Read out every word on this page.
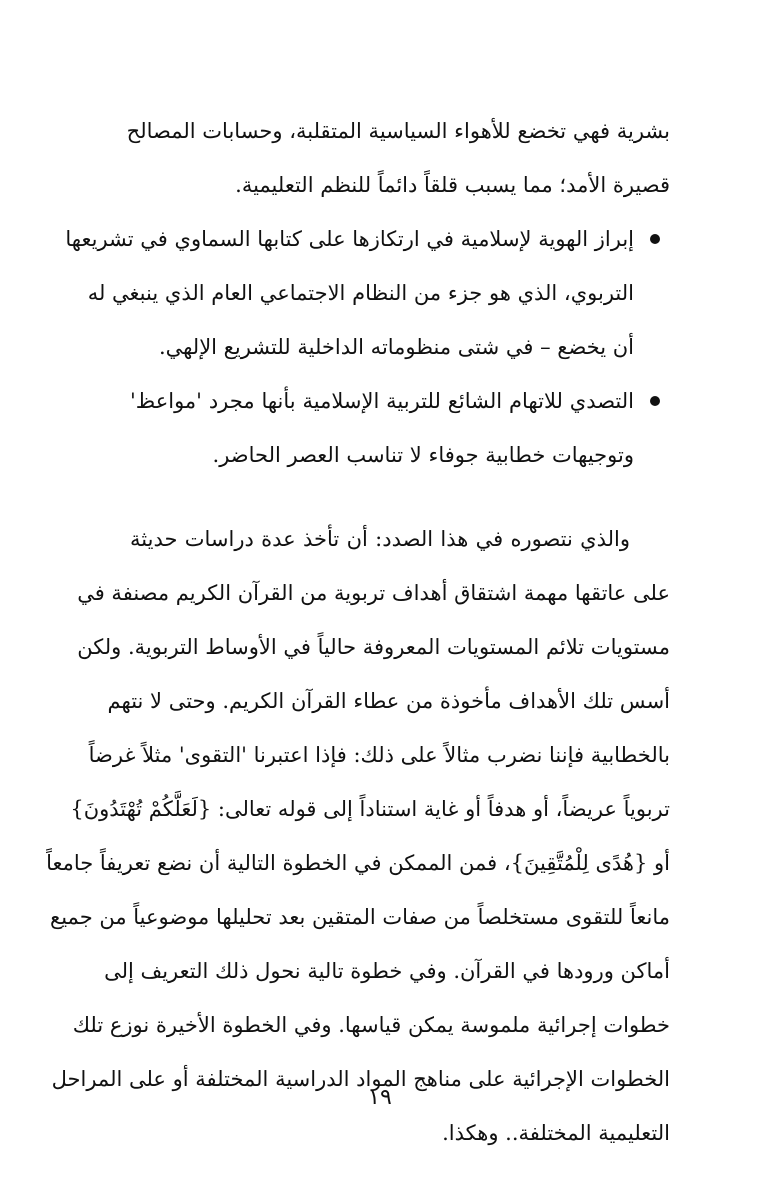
بشرية فهي تخضع للأهواء السياسية المتقلبة، وحسابات المصالح
قصيرة الأمد؛ مما يسبب قلقاً دائماً للنظم التعليمية.
إبراز الهوية لإسلامية في ارتكازها على كتابها السماوي في تشريعها
التربوي، الذي هو جزء من النظام الاجتماعي العام الذي ينبغي له
أن يخضع – في شتى منظوماته الداخلية للتشريع الإلهي.
التصدي للاتهام الشائع للتربية الإسلامية بأنها مجرد 'مواعظ'
وتوجيهات خطابية جوفاء لا تناسب العصر الحاضر.
والذي نتصوره في هذا الصدد: أن تأخذ عدة دراسات حديثة
على عاتقها مهمة اشتقاق أهداف تربوية من القرآن الكريم مصنفة في
مستويات تلائم المستويات المعروفة حالياً في الأوساط التربوية. ولكن
أسس تلك الأهداف مأخوذة من عطاء القرآن الكريم. وحتى لا نتهم
بالخطابية فإننا نضرب مثالاً على ذلك: فإذا اعتبرنا 'التقوى' مثلاً غرضاً
تربوياً عريضاً، أو هدفاً أو غاية استناداً إلى قوله تعالى: {لَعَلَّكُمْ تُهْتَدُونَ}
أو {هُدًى لِلْمُتَّقِينَ}، فمن الممكن في الخطوة التالية أن نضع تعريفاً جامعاً
مانعاً للتقوى مستخلصاً من صفات المتقين بعد تحليلها موضوعياً من جميع
أماكن ورودها في القرآن. وفي خطوة تالية نحول ذلك التعريف إلى
خطوات إجرائية ملموسة يمكن قياسها. وفي الخطوة الأخيرة نوزع تلك
الخطوات الإجرائية على مناهج المواد الدراسية المختلفة أو على المراحل
التعليمية المختلفة.. وهكذا.
١٩
